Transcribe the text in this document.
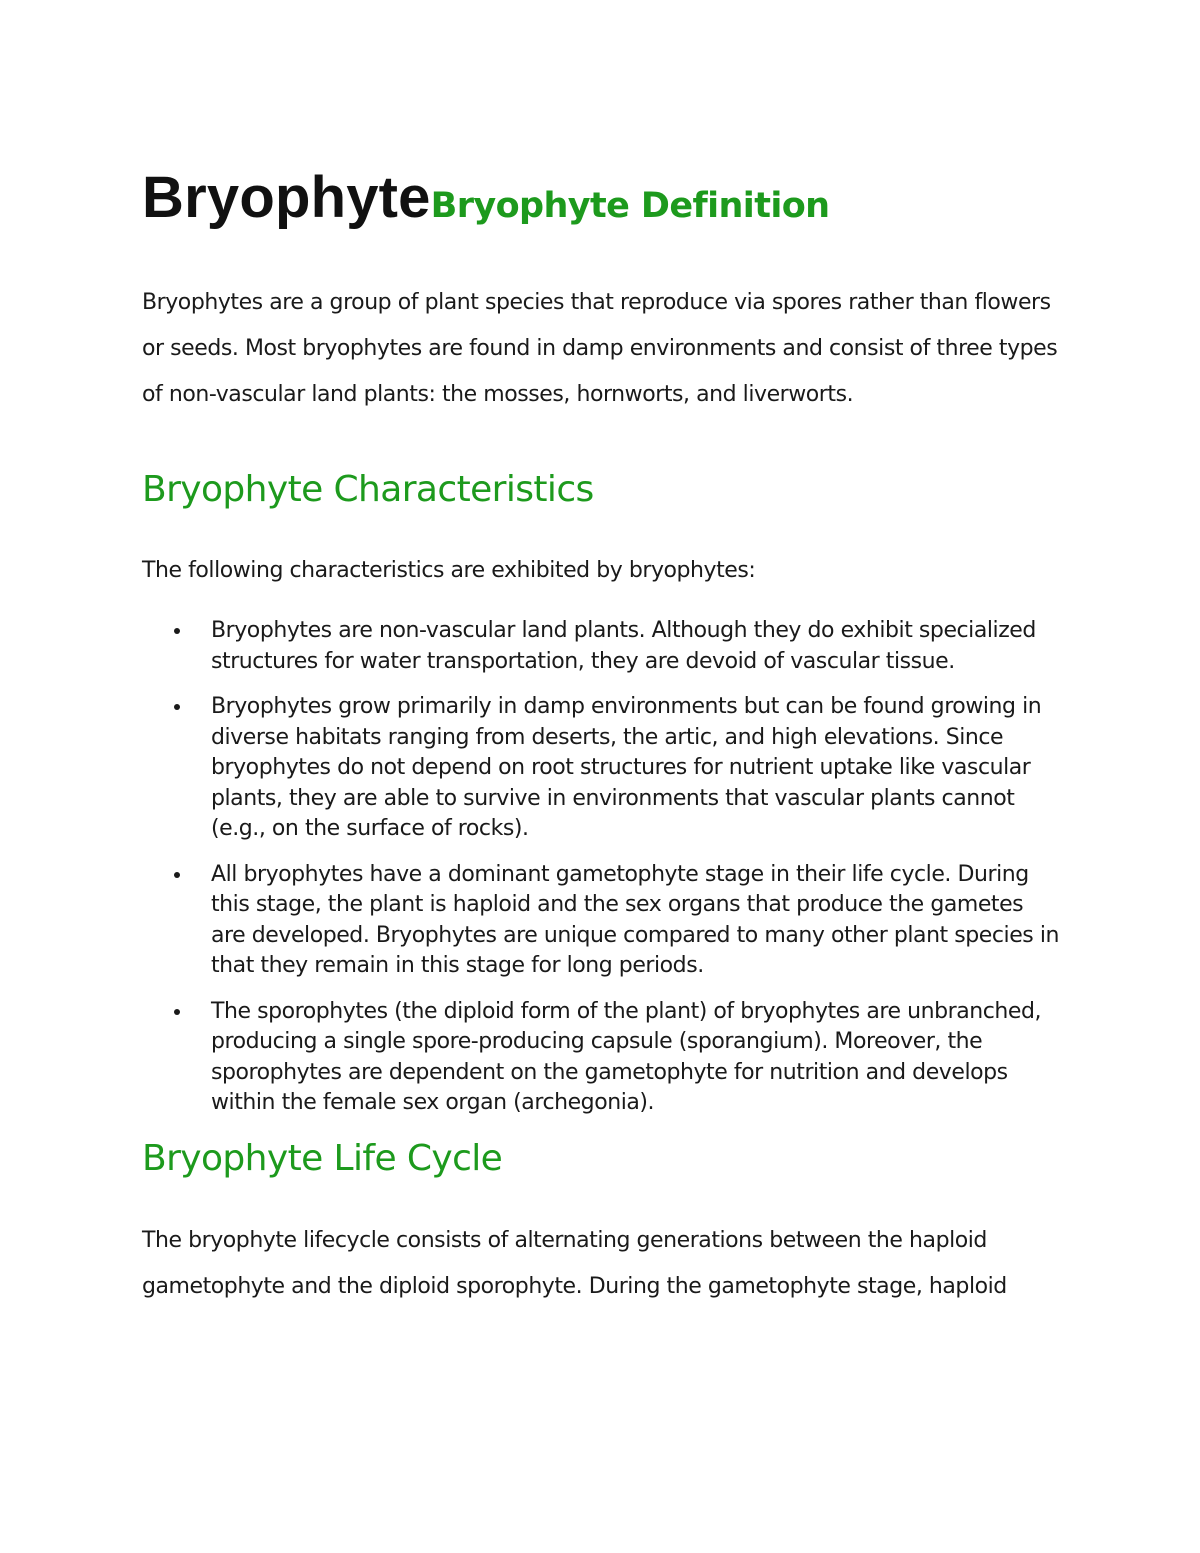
BryophyteBryophyte Definition

Bryophytes are a group of plant species that reproduce via spores rather than flowers or seeds. Most bryophytes are found in damp environments and consist of three types of non-vascular land plants: the mosses, hornworts, and liverworts.

Bryophyte Characteristics

The following characteristics are exhibited by bryophytes:

Bryophytes are non-vascular land plants. Although they do exhibit specialized structures for water transportation, they are devoid of vascular tissue.
Bryophytes grow primarily in damp environments but can be found growing in diverse habitats ranging from deserts, the artic, and high elevations. Since bryophytes do not depend on root structures for nutrient uptake like vascular plants, they are able to survive in environments that vascular plants cannot (e.g., on the surface of rocks).
All bryophytes have a dominant gametophyte stage in their life cycle. During this stage, the plant is haploid and the sex organs that produce the gametes are developed. Bryophytes are unique compared to many other plant species in that they remain in this stage for long periods.
The sporophytes (the diploid form of the plant) of bryophytes are unbranched, producing a single spore-producing capsule (sporangium). Moreover, the sporophytes are dependent on the gametophyte for nutrition and develops within the female sex organ (archegonia).
Bryophyte Life Cycle

The bryophyte lifecycle consists of alternating generations between the haploid gametophyte and the diploid sporophyte. During the gametophyte stage, haploid
